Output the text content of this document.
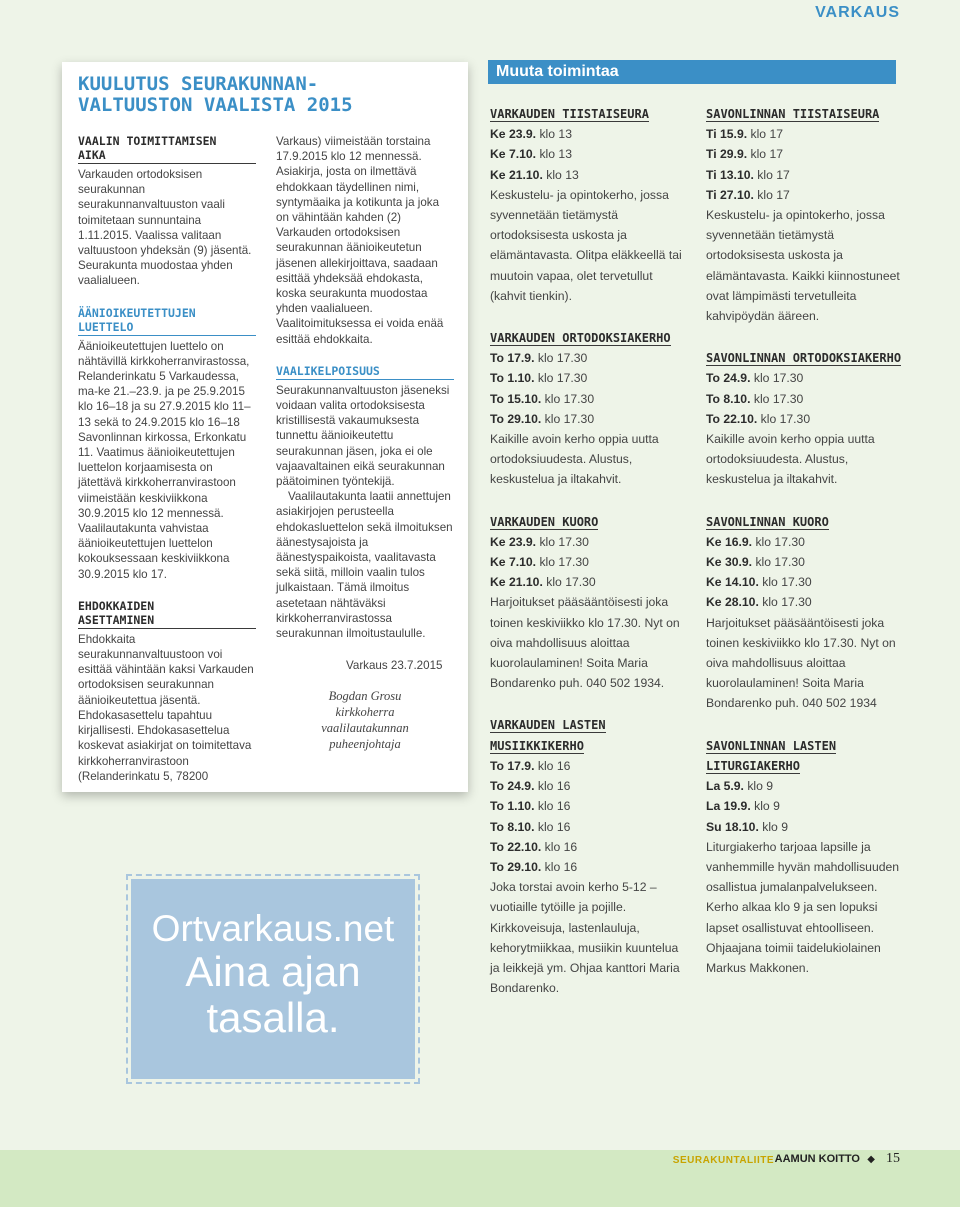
VARKAUS
KUULUTUS SEURAKUNNAN-
VALTUUSTON VAALISTA 2015
VAALIN TOIMITTAMISEN
AIKA

Varkauden ortodoksisen seurakunnan seurakunnanvaltuuston vaali toimitetaan sunnuntaina 1.11.2015. Vaalissa valitaan valtuustoon yhdeksän (9) jäsentä. Seurakunta muodostaa yhden vaalialueen.

ÄÄNIOIKEUTETTUJEN
LUETTELO

Äänioikeutettujen luettelo on nähtävillä kirkkoherranvirastossa, Relanderinkatu 5 Varkaudessa, ma-ke 21.–23.9. ja pe 25.9.2015 klo 16–18 ja su 27.9.2015 klo 11–13 sekä to 24.9.2015 klo 16–18 Savonlinnan kirkossa, Erkonkatu 11. Vaatimus äänioikeutettujen luettelon korjaamisesta on jätettävä kirkkoherranvirastoon viimeistään keskiviikkona 30.9.2015 klo 12 mennessä. Vaalilautakunta vahvistaa äänioikeutettujen luettelon kokouksessaan keskiviikkona 30.9.2015 klo 17.

EHDOKKAIDEN
ASETTAMINEN

Ehdokkaita seurakunnanvaltuustoon voi esittää vähintään kaksi Varkauden ortodoksisen seurakunnan äänioikeutettua jäsentä. Ehdokasasettelu tapahtuu kirjallisesti. Ehdokasasettelua koskevat asiakirjat on toimitettava kirkkoherranvirastoon (Relanderinkatu 5, 78200

Varkaus) viimeistään torstaina 17.9.2015 klo 12 mennessä. Asiakirja, josta on ilmettävä ehdokkaan täydellinen nimi, syntymäaika ja kotikunta ja joka on vähintään kahden (2) Varkauden ortodoksisen seurakunnan äänioikeutetun jäsenen allekirjoittava, saadaan esittää yhdeksää ehdokasta, koska seurakunta muodostaa yhden vaalialueen. Vaalitoimituksessa ei voida enää esittää ehdokkaita.

VAALIKELPOISUUS

Seurakunnanvaltuuston jäseneksi voidaan valita ortodoksisesta kristillisestä vakaumuksesta tunnettu äänioikeutettu seurakunnan jäsen, joka ei ole vajaavaltainen eikä seurakunnan päätoiminen työntekijä.

Vaalilautakunta laatii annettujen asiakirjojen perusteella ehdokasluettelon sekä ilmoituksen äänestysajoista ja äänestyspaikoista, vaalitavasta sekä siitä, milloin vaalin tulos julkaistaan. Tämä ilmoitus asetetaan nähtäväksi kirkkoherranvirastossa seurakunnan ilmoitustaululle.

Varkaus 23.7.2015
Bogdan Grosu
kirkkoherra
vaalilautakunnan
puheenjohtaja
Ortvarkaus.net
Aina ajan
tasalla.
Muuta toimintaa
VARKAUDEN TIISTAISEURA
Ke 23.9. klo 13
Ke 7.10. klo 13
Ke 21.10. klo 13
Keskustelu- ja opintokerho, jossa syvennetään tietämystä ortodoksisesta uskosta ja elämäntavasta. Olitpa eläkkeellä tai muutoin vapaa, olet tervetullut (kahvit tienkin).
VARKAUDEN ORTODOKSIAKERHO
To 17.9. klo 17.30
To 1.10. klo 17.30
To 15.10. klo 17.30
To 29.10. klo 17.30
Kaikille avoin kerho oppia uutta ortodoksiuudesta. Alustus, keskustelua ja iltakahvit.
VARKAUDEN KUORO
Ke 23.9. klo 17.30
Ke 7.10. klo 17.30
Ke 21.10. klo 17.30
Harjoitukset pääsääntöisesti joka toinen keskiviikko klo 17.30. Nyt on oiva mahdollisuus aloittaa kuorolaulaminen! Soita Maria Bondarenko puh. 040 502 1934.
VARKAUDEN LASTEN MUSIIKKIKERHO
To 17.9. klo 16
To 24.9. klo 16
To 1.10. klo 16
To 8.10. klo 16
To 22.10. klo 16
To 29.10. klo 16
Joka torstai avoin kerho 5-12 –vuotiaille tytöille ja pojille. Kirkkoveisuja, lastenlauluja, kehorytmiikkaa, musiikin kuuntelua ja leikkejä ym. Ohjaa kanttori Maria Bondarenko.
SAVONLINNAN TIISTAISEURA
Ti 15.9. klo 17
Ti 29.9. klo 17
Ti 13.10. klo 17
Ti 27.10. klo 17
Keskustelu- ja opintokerho, jossa syvennetään tietämystä ortodoksisesta uskosta ja elämäntavasta. Kaikki kiinnostuneet ovat lämpimästi tervetulleita kahvipöydän ääreen.
SAVONLINNAN ORTODOKSIAKERHO
To 24.9. klo 17.30
To 8.10. klo 17.30
To 22.10. klo 17.30
Kaikille avoin kerho oppia uutta ortodoksiuudesta. Alustus, keskustelua ja iltakahvit.
SAVONLINNAN KUORO
Ke 16.9. klo 17.30
Ke 30.9. klo 17.30
Ke 14.10. klo 17.30
Ke 28.10. klo 17.30
Harjoitukset pääsääntöisesti joka toinen keskiviikko klo 17.30. Nyt on oiva mahdollisuus aloittaa kuorolaulaminen! Soita Maria Bondarenko puh. 040 502 1934
SAVONLINNAN LASTEN LITURGIAKERHO
La 5.9. klo 9
La 19.9. klo 9
Su 18.10. klo 9
Liturgiakerho tarjoaa lapsille ja vanhemmille hyvän mahdollisuuden osallistua jumalanpalvelukseen. Kerho alkaa klo 9 ja sen lopuksi lapset osallistuvat ehtoolliseen. Ohjaajana toimii taidelukiolainen Markus Makkonen.
SEURAKUNTALIITE AAMUN KOITTO ◆ 15
